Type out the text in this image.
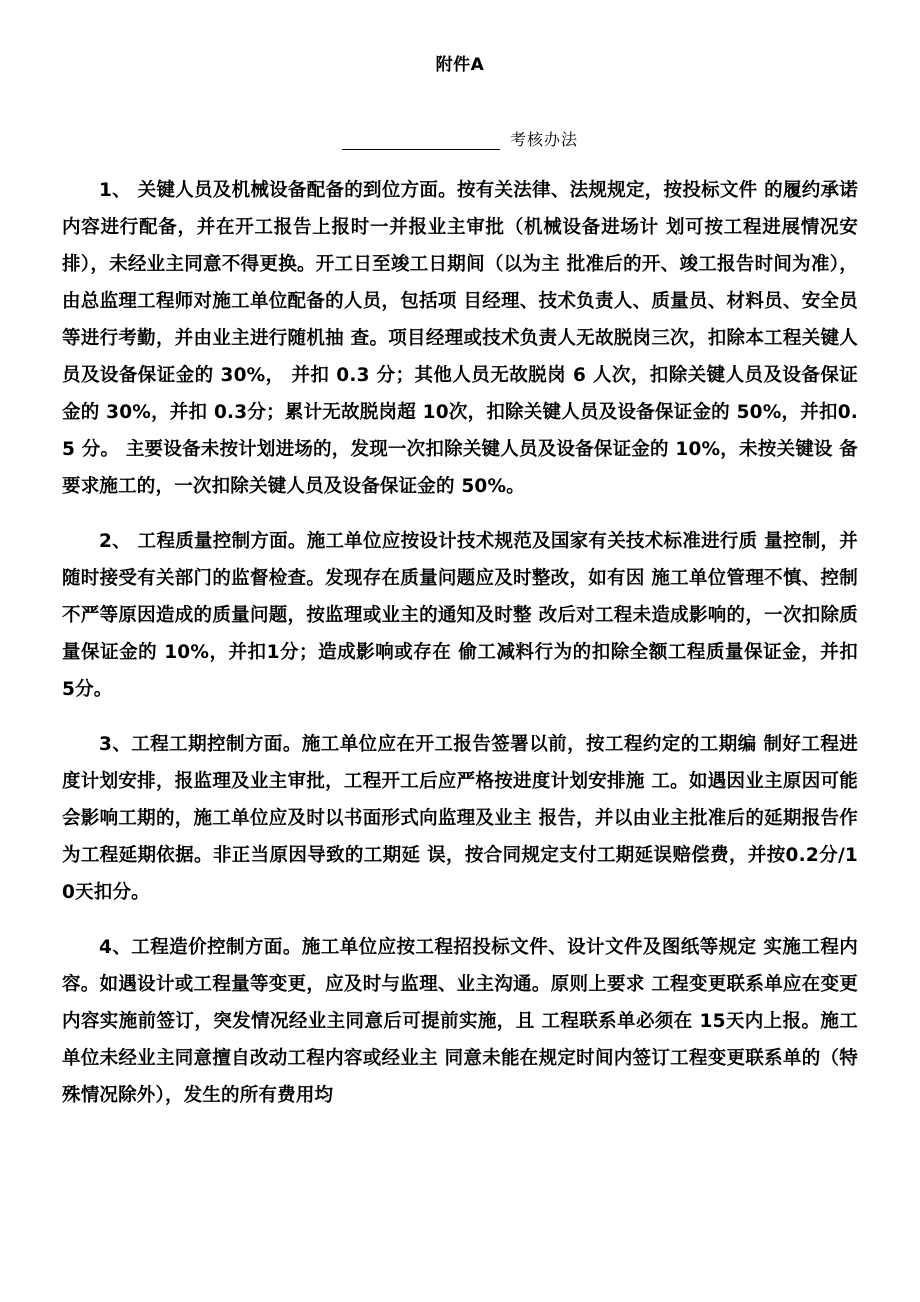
附件A
考核办法

1、 关键人员及机械设备配备的到位方面。按有关法律、法规规定，按投标文件 的履约承诺内容进行配备，并在开工报告上报时一并报业主审批（机械设备进场计 划可按工程进展情况安排），未经业主同意不得更换。开工日至竣工日期间（以为主 批准后的开、竣工报告时间为准），由总监理工程师对施工单位配备的人员，包括项 目经理、技术负责人、质量员、材料员、安全员等进行考勤，并由业主进行随机抽 查。项目经理或技术负责人无故脱岗三次，扣除本工程关键人员及设备保证金的 30%， 并扣 0.3 分；其他人员无故脱岗 6 人次，扣除关键人员及设备保证金的 30%，并扣 0.3分；累计无故脱岗超 10次，扣除关键人员及设备保证金的 50%，并扣0.5 分。 主要设备未按计划进场的，发现一次扣除关键人员及设备保证金的 10%，未按关键设 备要求施工的，一次扣除关键人员及设备保证金的 50%。

2、 工程质量控制方面。施工单位应按设计技术规范及国家有关技术标准进行质 量控制，并随时接受有关部门的监督检查。发现存在质量问题应及时整改，如有因 施工单位管理不慎、控制不严等原因造成的质量问题，按监理或业主的通知及时整 改后对工程未造成影响的，一次扣除质量保证金的 10%，并扣1分；造成影响或存在 偷工减料行为的扣除全额工程质量保证金，并扣 5分。

3、工程工期控制方面。施工单位应在开工报告签署以前，按工程约定的工期编 制好工程进度计划安排，报监理及业主审批，工程开工后应严格按进度计划安排施 工。如遇因业主原因可能会影响工期的，施工单位应及时以书面形式向监理及业主 报告，并以由业主批准后的延期报告作为工程延期依据。非正当原因导致的工期延 误，按合同规定支付工期延误赔偿费，并按0.2分/10天扣分。

4、工程造价控制方面。施工单位应按工程招投标文件、设计文件及图纸等规定 实施工程内容。如遇设计或工程量等变更，应及时与监理、业主沟通。原则上要求 工程变更联系单应在变更内容实施前签订，突发情况经业主同意后可提前实施，且 工程联系单必须在 15天内上报。施工单位未经业主同意擅自改动工程内容或经业主 同意未能在规定时间内签订工程变更联系单的（特殊情况除外），发生的所有费用均
